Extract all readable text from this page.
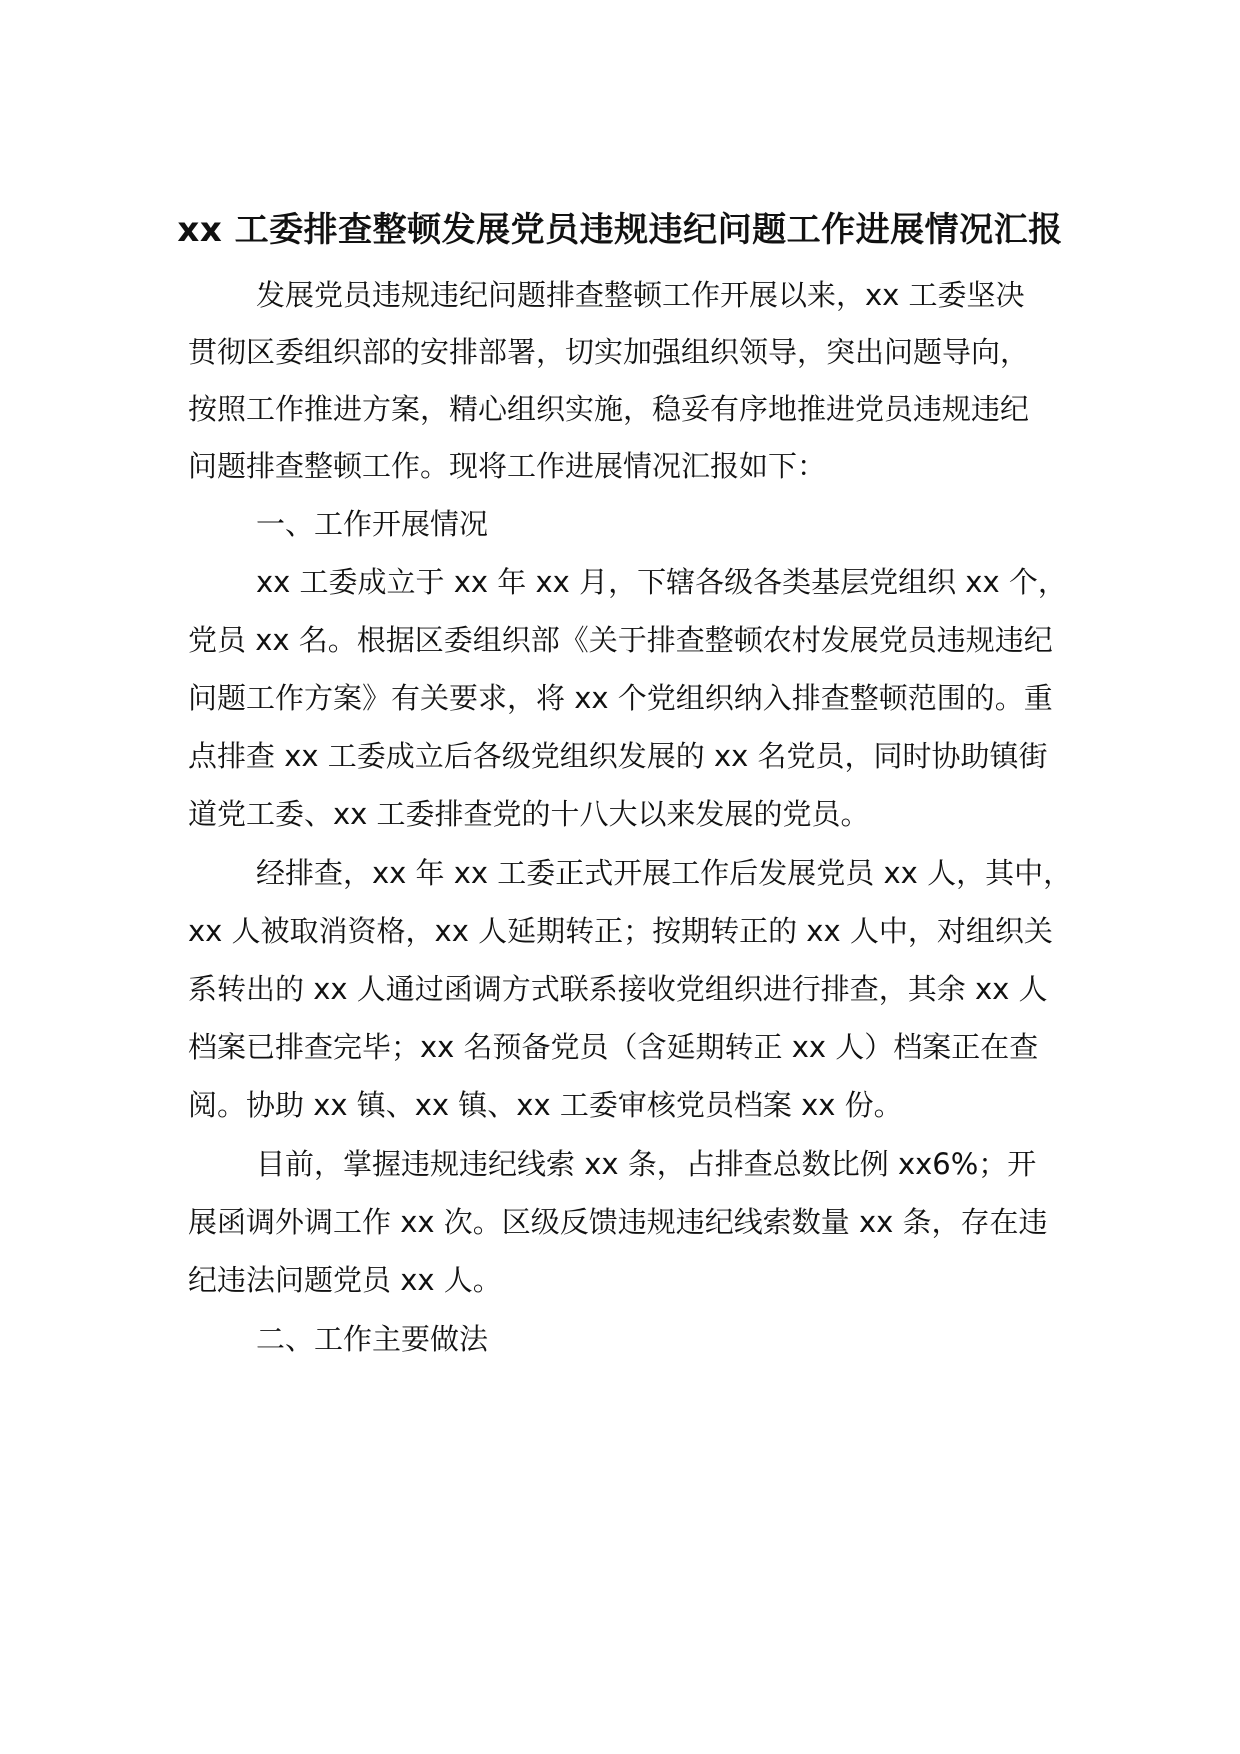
xx 工委排查整顿发展党员违规违纪问题工作进展情况汇报
发展党员违规违纪问题排查整顿工作开展以来，xx 工委坚决
贯彻区委组织部的安排部署，切实加强组织领导，突出问题导向，
按照工作推进方案，精心组织实施，稳妥有序地推进党员违规违纪
问题排查整顿工作。现将工作进展情况汇报如下：
一、工作开展情况
xx 工委成立于 xx 年 xx 月，下辖各级各类基层党组织 xx 个，
党员 xx 名。根据区委组织部《关于排查整顿农村发展党员违规违纪
问题工作方案》有关要求，将 xx 个党组织纳入排查整顿范围的。重
点排查 xx 工委成立后各级党组织发展的 xx 名党员，同时协助镇街
道党工委、xx 工委排查党的十八大以来发展的党员。
经排查，xx 年 xx 工委正式开展工作后发展党员 xx 人，其中，
xx 人被取消资格，xx 人延期转正；按期转正的 xx 人中，对组织关
系转出的 xx 人通过函调方式联系接收党组织进行排查，其余 xx 人
档案已排查完毕；xx 名预备党员（含延期转正 xx 人）档案正在查
阅。协助 xx 镇、xx 镇、xx 工委审核党员档案 xx 份。
目前，掌握违规违纪线索 xx 条，占排查总数比例 xx6%；开
展函调外调工作 xx 次。区级反馈违规违纪线索数量 xx 条，存在违
纪违法问题党员 xx 人。
二、工作主要做法
